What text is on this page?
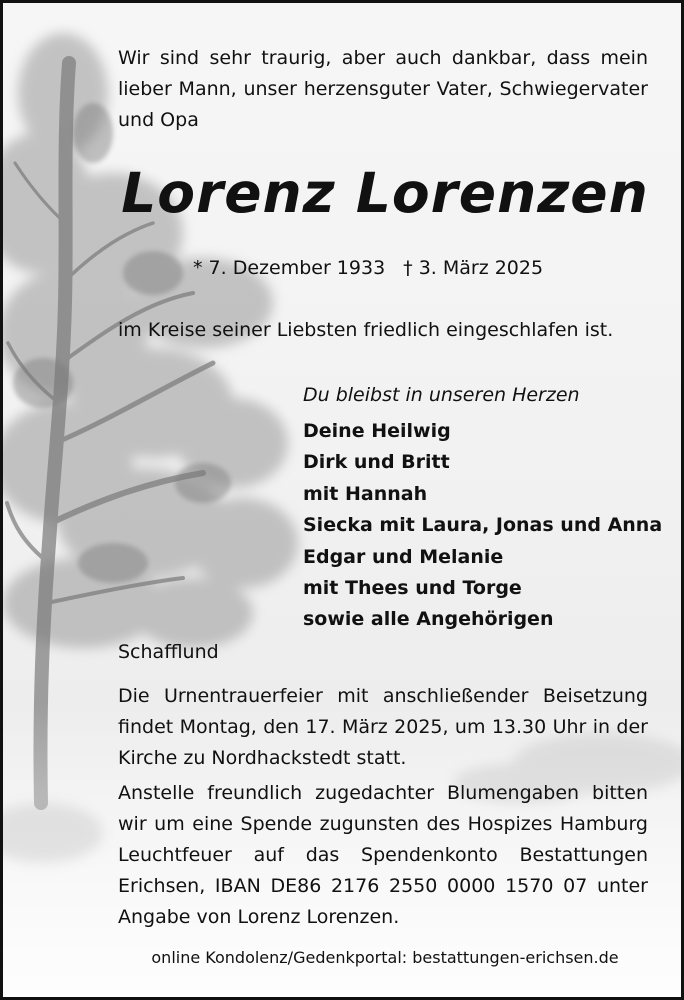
Wir sind sehr traurig, aber auch dankbar, dass mein lieber Mann, unser herzensguter Vater, Schwiegervater und Opa

Lorenz Lorenzen
* 7. Dezember 1933 † 3. März 2025

im Kreise seiner Liebsten friedlich eingeschlafen ist.

Du bleibst in unseren Herzen
Deine Heilwig
Dirk und Britt
mit Hannah
Siecka mit Laura, Jonas und Anna
Edgar und Melanie
mit Thees und Torge
sowie alle Angehörigen
Schafflund

Die Urnentrauerfeier mit anschließender Beisetzung findet Montag, den 17. März 2025, um 13.30 Uhr in der Kirche zu Nordhackstedt statt.

Anstelle freundlich zugedachter Blumengaben bitten wir um eine Spende zugunsten des Hospizes Hamburg Leuchtfeuer auf das Spendenkonto Bestattungen Erichsen, IBAN DE86 2176 2550 0000 1570 07 unter Angabe von Lorenz Lorenzen.

online Kondolenz/Gedenkportal: bestattungen-erichsen.de
